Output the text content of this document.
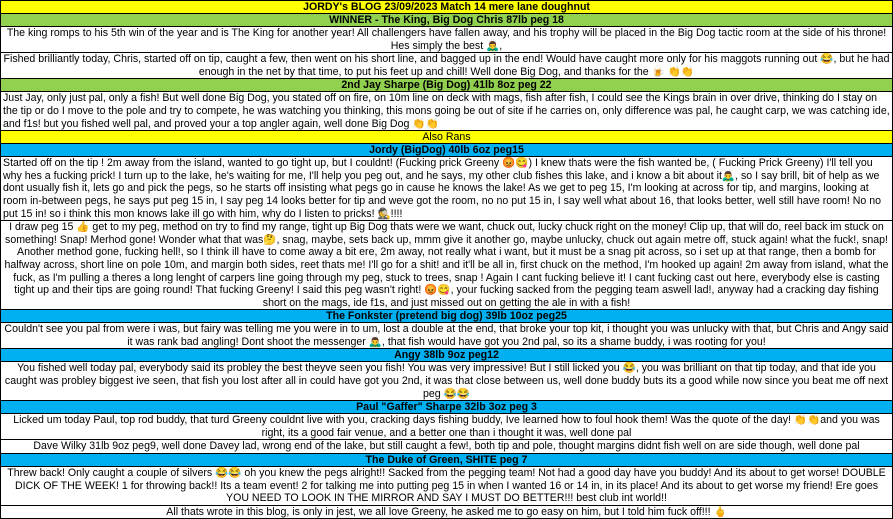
JORDY's BLOG 23/09/2023 Match 14 mere lane doughnut
WINNER - The King, Big Dog Chris 87lb peg 18
The king romps to his 5th win of the year and is The King for another year! All challengers have fallen away, and his trophy will be placed in the Big Dog tactic room at the side of his throne! Hes simply the best 🙇‍♂️,
Fished brilliantly today, Chris, started off on tip, caught a few, then went on his short line, and bagged up in the end! Would have caught more only for his maggots running out 😂, but he had enough in the net by that time, to put his feet up and chill! Well done Big Dog, and thanks for the 🍺 👏👏
2nd Jay Sharpe (Big Dog) 41lb 8oz peg 22
Just Jay, only just pal, only a fish! But well done Big Dog, you stated off on fire, on 10m line on deck with mags, fish after fish, I could see the Kings brain in over drive, thinking do I stay on the tip or do I move to the pole and try to compete, he was watching you thinking, this mons going be out of site if he carries on, only difference was pal, he caught carp, we was catching ide, and f1s! but you fished well pal, and proved your a top angler again, well done Big Dog 👏👏
Also Rans
Jordy (BigDog) 40lb 6oz peg15
Started off on the tip ! 2m away from the island, wanted to go tight up, but I couldnt! (Fucking prick Greeny 😡😋) I knew thats were the fish wanted be, ( Fucking Prick Greeny) I'll tell you why hes a fucking prick! I turn up to the lake, he's waiting for me, I'll help you peg out, and he says, my other club fishes this lake, and i know a bit about it🙇‍♂️, so I say brill, bit of help as we dont usually fish it, lets go and pick the pegs, so he starts off insisting what pegs go in cause he knows the lake! As we get to peg 15, I'm looking at across for tip, and margins, looking at room in-between pegs, he says put peg 15 in, I say peg 14 looks better for tip and weve got the room, no no put 15 in, I say well what about 16, that looks better, well still have room! No no put 15 in! so i think this mon knows lake ill go with him, why do I listen to pricks! 🕵️!!!!
I draw peg 15 👍 get to my peg, method on try to find my range, tight up Big Dog thats were we want, chuck out, lucky chuck right on the money! Clip up, that will do, reel back im stuck on something! Snap! Merhod gone! Wonder what that was🤔, snag, maybe, sets back up, mmm give it another go, maybe unlucky, chuck out again metre off, stuck again! what the fuck!, snap! Another method gone, fucking hell!, so I think ill have to come away a bit ere, 2m away, not really what i want, but it must be a snag pit across, so i set up at that range, then a bomb for halfway across, short line on pole 10m, and margin both sides, reet thats me! I'll go for a shit! and it'll be all in, first chuck on the method, I'm hooked up again! 2m away from island, what the fuck, as I'm pulling a theres a long lenght of carpers line going through my peg, stuck to trees, snap ! Again I cant fucking believe it! I cant fucking cast out here, everybody else is casting tight up and their tips are going round! That fucking Greeny! I said this peg wasn't right! 😡😋, your fucking sacked from the pegging team aswell lad!, anyway had a cracking day fishing short on the mags, ide f1s, and just missed out on getting the ale in with a fish!
The Fonkster (pretend big dog) 39lb 10oz peg25
Couldn't see you pal from were i was, but fairy was telling me you were in to um, lost a double at the end, that broke your top kit, i thought you was unlucky with that, but Chris and Angy said it was rank bad angling! Dont shoot the messenger 🙇‍♂️, that fish would have got you 2nd pal, so its a shame buddy, i was rooting for you!
Angy 38lb 9oz peg12
You fished well today pal, everybody said its probley the best theyve seen you fish! You was very impressive! But I still licked you 😂, you was brilliant on that tip today, and that ide you caught was probley biggest ive seen, that fish you lost after all in could have got you 2nd, it was that close between us, well done buddy buts its a good while now since you beat me off next peg 😂😂
Paul "Gaffer" Sharpe 32lb 3oz peg 3
Licked um today Paul, top rod buddy, that turd Greeny couldnt live with you, cracking days fishing buddy, Ive learned how to foul hook them! Was the quote of the day! 👏👏and you was right, its a good fair venue, and a better one than i thought it was, well done pal
Dave Wilky 31lb 9oz peg9, well done Davey lad, wrong end of the lake, but still caught a few!, both tip and pole, thought margins didnt fish well on are side though, well done pal
The Duke of Green, SHITE peg 7
Threw back! Only caught a couple of silvers 😂😂 oh you knew the pegs alright!! Sacked from the pegging team! Not had a good day have you buddy! And its about to get worse! DOUBLE DICK OF THE WEEK! 1 for throwing back!! Its a team event! 2 for talking me into putting peg 15 in when I wanted 16 or 14 in, in its place! And its about to get worse my friend! Ere goes YOU NEED TO LOOK IN THE MIRROR AND SAY I MUST DO BETTER!!! best club int world!!
All thats wrote in this blog, is only in jest, we all love Greeny, he asked me to go easy on him, but I told him fuck off!!! 🖕
